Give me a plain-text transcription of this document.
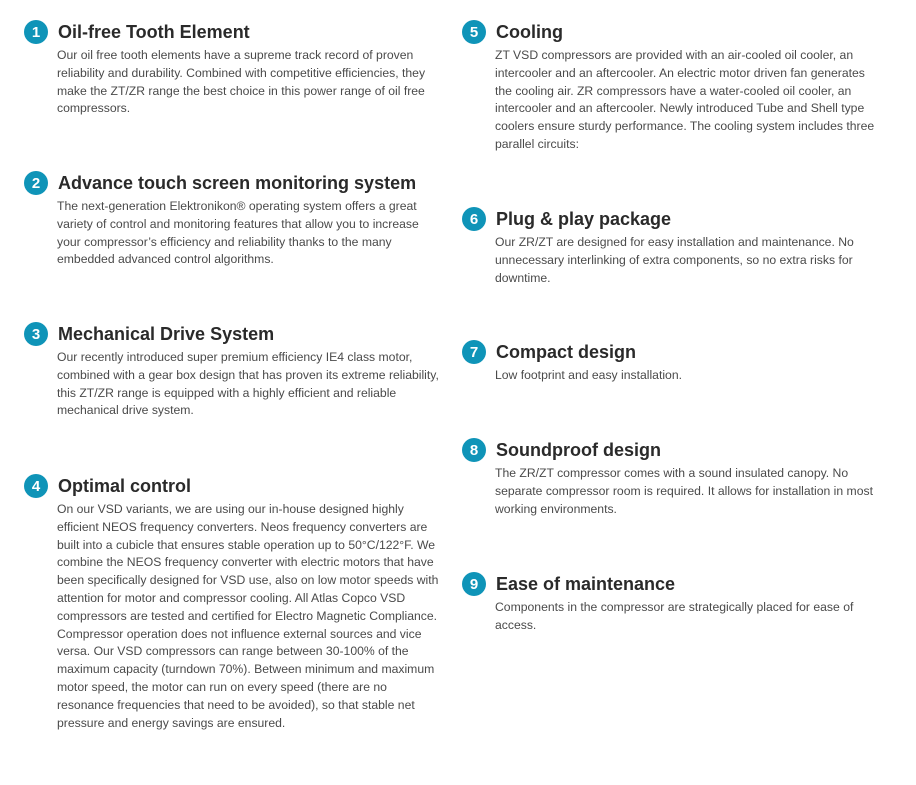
1 Oil-free Tooth Element

Our oil free tooth elements have a supreme track record of proven reliability and durability. Combined with competitive efficiencies, they make the ZT/ZR range the best choice in this power range of oil free compressors.

2 Advance touch screen monitoring system

The next-generation Elektronikon® operating system offers a great variety of control and monitoring features that allow you to increase your compressor’s efficiency and reliability thanks to the many embedded advanced control algorithms.

3 Mechanical Drive System

Our recently introduced super premium efficiency IE4 class motor, combined with a gear box design that has proven its extreme reliability, this ZT/ZR range is equipped with a highly efficient and reliable mechanical drive system.

4 Optimal control

On our VSD variants, we are using our in-house designed highly efficient NEOS frequency converters. Neos frequency converters are built into a cubicle that ensures stable operation up to 50°C/122°F. We combine the NEOS frequency converter with electric motors that have been specifically designed for VSD use, also on low motor speeds with attention for motor and compressor cooling. All Atlas Copco VSD compressors are tested and certified for Electro Magnetic Compliance. Compressor operation does not influence external sources and vice versa. Our VSD compressors can range between 30-100% of the maximum capacity (turndown 70%). Between minimum and maximum motor speed, the motor can run on every speed (there are no resonance frequencies that need to be avoided), so that stable net pressure and energy savings are ensured.

5 Cooling

ZT VSD compressors are provided with an air-cooled oil cooler, an intercooler and an aftercooler. An electric motor driven fan generates the cooling air. ZR compressors have a water-cooled oil cooler, an intercooler and an aftercooler. Newly introduced Tube and Shell type coolers ensure sturdy performance. The cooling system includes three parallel circuits:

6 Plug & play package

Our ZR/ZT are designed for easy installation and maintenance. No unnecessary interlinking of extra components, so no extra risks for downtime.

7 Compact design

Low footprint and easy installation.

8 Soundproof design

The ZR/ZT compressor comes with a sound insulated canopy. No separate compressor room is required. It allows for installation in most working environments.

9 Ease of maintenance

Components in the compressor are strategically placed for ease of access.
